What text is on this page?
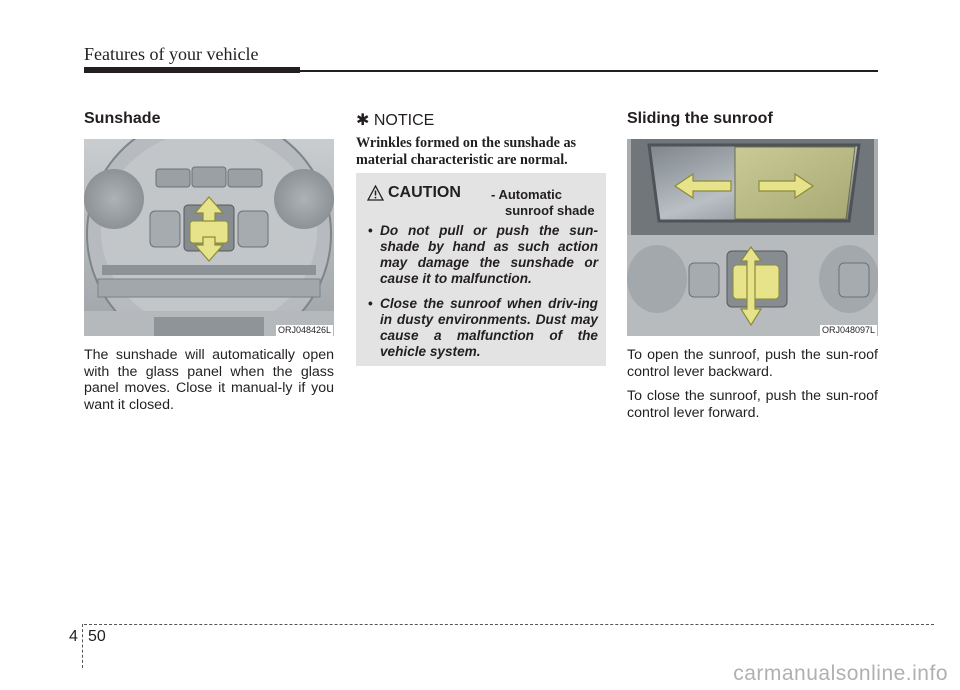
Features of your vehicle
Sunshade
ORJ048426L
The sunshade will automatically open with the glass panel when the glass panel moves. Close it manual-ly if you want it closed.
✱ NOTICE
Wrinkles formed on the sunshade as material characteristic are normal.
CAUTION - Automatic
sunroof shade
• Do not pull or push the sun-shade by hand as such action may damage the sunshade or cause it to malfunction.
• Close the sunroof when driv-ing in dusty environments. Dust may cause a malfunction of the vehicle system.
Sliding the sunroof
ORJ048097L

To open the sunroof, push the sun-roof control lever backward.

To close the sunroof, push the sun-roof control lever forward.

4 50
carmanualsonline.info
